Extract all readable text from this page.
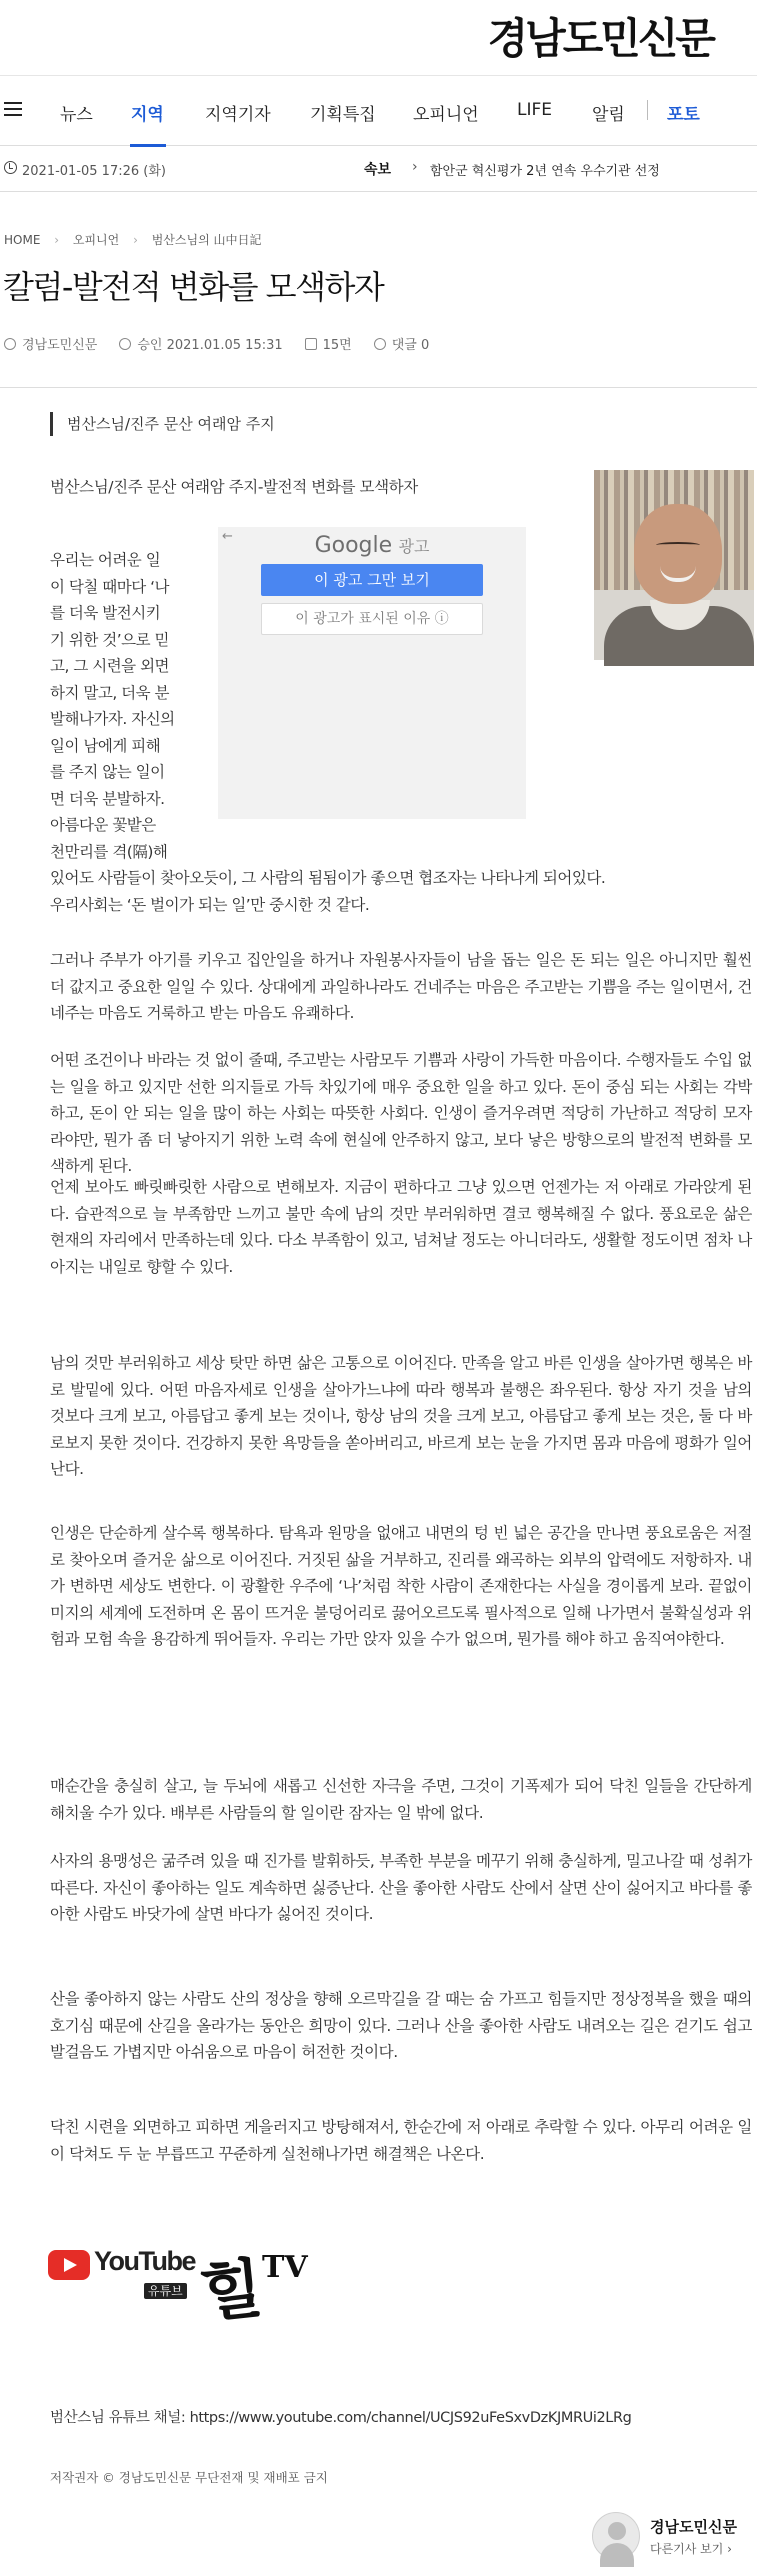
경남도민신문
뉴스 지역 지역기자 기획특집 오피니언 LIFE 알림 포토
2021-01-05 17:26 (화)	속보 › 함안군 혁신평가 2년 연속 우수기관 선정
HOME › 오피니언 › 범산스님의 山中日記
칼럼-발전적 변화를 모색하자
경남도민신문	승인 2021.01.05 15:31	15면	댓글 0
범산스님/진주 문산 여래암 주지
범산스님/진주 문산 여래암 주지-발전적 변화를 모색하자
←	Google 광고
이 광고 그만 보기
이 광고가 표시된 이유 ⓘ
우리는 어려운 일
이 닥칠 때마다 ‘나
를 더욱 발전시키
기 위한 것’으로 믿
고, 그 시련을 외면
하지 말고, 더욱 분
발해나가자. 자신의
일이 남에게 피해
를 주지 않는 일이
면 더욱 분발하자.
아름다운 꽃밭은
천만리를 격(隔)해
있어도 사람들이 찾아오듯이, 그 사람의 됨됨이가 좋으면 협조자는 나타나게 되어있다.
우리사회는 ‘돈 벌이가 되는 일’만 중시한 것 같다.
그러나 주부가 아기를 키우고 집안일을 하거나 자원봉사자들이 남을 돕는 일은 돈 되는 일은 아니지만 훨씬 더 값지고 중요한 일일 수 있다. 상대에게 과일하나라도 건네주는 마음은 주고받는 기쁨을 주는 일이면서, 건네주는 마음도 거룩하고 받는 마음도 유쾌하다.
어떤 조건이나 바라는 것 없이 줄때, 주고받는 사람모두 기쁨과 사랑이 가득한 마음이다. 수행자들도 수입 없는 일을 하고 있지만 선한 의지들로 가득 차있기에 매우 중요한 일을 하고 있다. 돈이 중심 되는 사회는 각박하고, 돈이 안 되는 일을 많이 하는 사회는 따뜻한 사회다. 인생이 즐거우려면 적당히 가난하고 적당히 모자라야만, 뭔가 좀 더 낳아지기 위한 노력 속에 현실에 안주하지 않고, 보다 낳은 방향으로의 발전적 변화를 모색하게 된다.
언제 보아도 빠릿빠릿한 사람으로 변해보자. 지금이 편하다고 그냥 있으면 언젠가는 저 아래로 가라앉게 된다. 습관적으로 늘 부족함만 느끼고 불만 속에 남의 것만 부러워하면 결코 행복해질 수 없다. 풍요로운 삶은 현재의 자리에서 만족하는데 있다. 다소 부족함이 있고, 넘쳐날 정도는 아니더라도, 생활할 정도이면 점차 나아지는 내일로 향할 수 있다.
남의 것만 부러워하고 세상 탓만 하면 삶은 고통으로 이어진다. 만족을 알고 바른 인생을 살아가면 행복은 바로 발밑에 있다. 어떤 마음자세로 인생을 살아가느냐에 따라 행복과 불행은 좌우된다. 항상 자기 것을 남의 것보다 크게 보고, 아름답고 좋게 보는 것이나, 항상 남의 것을 크게 보고, 아름답고 좋게 보는 것은, 둘 다 바로보지 못한 것이다. 건강하지 못한 욕망들을 쏟아버리고, 바르게 보는 눈을 가지면 몸과 마음에 평화가 일어난다.
인생은 단순하게 살수록 행복하다. 탐욕과 원망을 없애고 내면의 텅 빈 넓은 공간을 만나면 풍요로움은 저절로 찾아오며 즐거운 삶으로 이어진다. 거짓된 삶을 거부하고, 진리를 왜곡하는 외부의 압력에도 저항하자. 내가 변하면 세상도 변한다. 이 광활한 우주에 ‘나’처럼 착한 사람이 존재한다는 사실을 경이롭게 보라. 끝없이 미지의 세계에 도전하며 온 몸이 뜨거운 불덩어리로 끓어오르도록 필사적으로 일해 나가면서 불확실성과 위험과 모험 속을 용감하게 뛰어들자. 우리는 가만 앉자 있을 수가 없으며, 뭔가를 해야 하고 움직여야한다.
매순간을 충실히 살고, 늘 두뇌에 새롭고 신선한 자극을 주면, 그것이 기폭제가 되어 닥친 일들을 간단하게 해치울 수가 있다. 배부른 사람들의 할 일이란 잠자는 일 밖에 없다.
사자의 용맹성은 굶주려 있을 때 진가를 발휘하듯, 부족한 부분을 메꾸기 위해 충실하게, 밀고나갈 때 성취가 따른다. 자신이 좋아하는 일도 계속하면 싫증난다. 산을 좋아한 사람도 산에서 살면 산이 싫어지고 바다를 좋아한 사람도 바닷가에 살면 바다가 싫어진 것이다.
산을 좋아하지 않는 사람도 산의 정상을 향해 오르막길을 갈 때는 숨 가프고 힘들지만 정상정복을 했을 때의 호기심 때문에 산길을 올라가는 동안은 희망이 있다. 그러나 산을 좋아한 사람도 내려오는 길은 걷기도 쉽고 발걸음도 가볍지만 아쉬움으로 마음이 허전한 것이다.
닥친 시련을 외면하고 피하면 게을러지고 방탕해져서, 한순간에 저 아래로 추락할 수 있다. 아무리 어려운 일이 닥쳐도 두 눈 부릅뜨고 꾸준하게 실천해나가면 해결책은 나온다.
YouTube
유튜브 힐 TV
범산스님 유튜브 채널: https://www.youtube.com/channel/UCJS92uFeSxvDzKJMRUi2LRg
저작권자 © 경남도민신문 무단전재 및 재배포 금지
경남도민신문
다른기사 보기 ›
